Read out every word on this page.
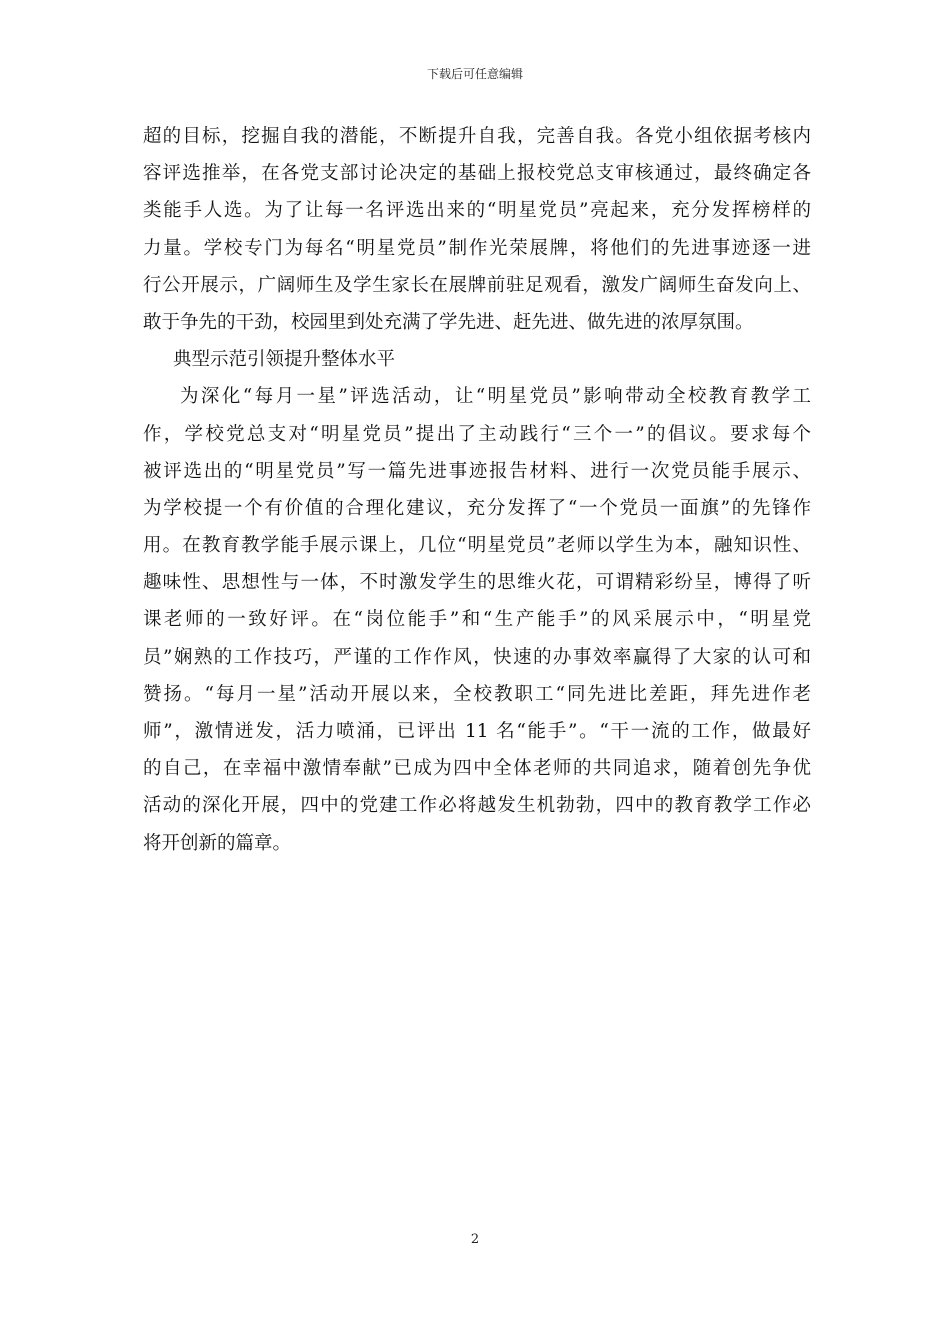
下载后可任意编辑
超的目标，挖掘自我的潜能，不断提升自我，完善自我。各党小组依据考核内
容评选推举，在各党支部讨论决定的基础上报校党总支审核通过，最终确定各
类能手人选。为了让每一名评选出来的“明星党员”亮起来，充分发挥榜样的
力量。学校专门为每名“明星党员”制作光荣展牌，将他们的先进事迹逐一进
行公开展示，广阔师生及学生家长在展牌前驻足观看，激发广阔师生奋发向上、
敢于争先的干劲，校园里到处充满了学先进、赶先进、做先进的浓厚氛围。
典型示范引领提升整体水平
为深化“每月一星”评选活动，让“明星党员”影响带动全校教育教学工
作，学校党总支对“明星党员”提出了主动践行“三个一”的倡议。要求每个
被评选出的“明星党员”写一篇先进事迹报告材料、进行一次党员能手展示、
为学校提一个有价值的合理化建议，充分发挥了“一个党员一面旗”的先锋作
用。在教育教学能手展示课上，几位“明星党员”老师以学生为本，融知识性、
趣味性、思想性与一体，不时激发学生的思维火花，可谓精彩纷呈，博得了听
课老师的一致好评。在“岗位能手”和“生产能手”的风采展示中，“明星党
员”娴熟的工作技巧，严谨的工作作风，快速的办事效率赢得了大家的认可和
赞扬。“每月一星”活动开展以来，全校教职工“同先进比差距，拜先进作老
师”，激情迸发，活力喷涌，已评出 11 名“能手”。“干一流的工作，做最好
的自己，在幸福中激情奉献”已成为四中全体老师的共同追求，随着创先争优
活动的深化开展，四中的党建工作必将越发生机勃勃，四中的教育教学工作必
将开创新的篇章。
2
